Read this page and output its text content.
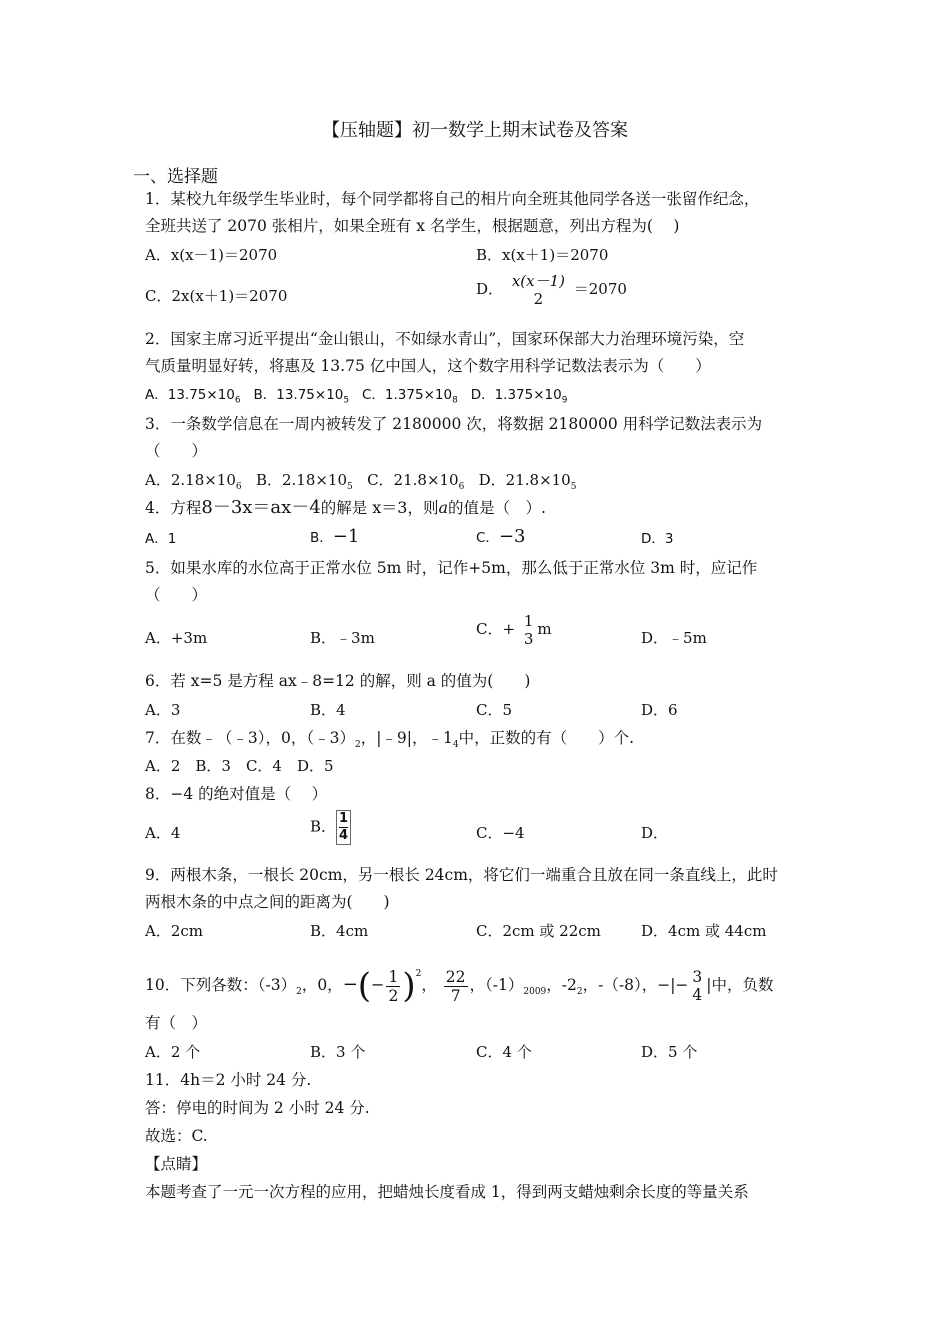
【压轴题】初一数学上期末试卷及答案
一、选择题
1．某校九年级学生毕业时，每个同学都将自己的相片向全班其他同学各送一张留作纪念，
全班共送了 2070 张相片，如果全班有 x 名学生，根据题意，列出方程为(　 )
A．x(x－1)＝2070	B．x(x＋1)＝2070
C．2x(x＋1)＝2070	D． x(x－1)
2
＝2070
2．国家主席习近平提出“金山银山，不如绿水青山”，国家环保部大力治理环境污染，空
气质量明显好转，将惠及 13.75 亿中国人，这个数字用科学记数法表示为（　　）
A．$13.75\times 10_6$ B．$13.75\times 10_5$ C．$1.375\times 10_8$ D．$1.375\times 10_9$
3．一条数学信息在一周内被转发了 2180000 次，将数据 2180000 用科学记数法表示为
（　　）
A．$2.18\times 10_6$ B．$2.18\times 10_5$ C．$21.8\times 10_6$ D．$21.8\times 10_5$
4．方程8－3x＝ax－4的解是 x＝3，则a的值是（　）.
A．1	B．−1	C．−3	D．3
5．如果水库的水位高于正常水位 5m 时，记作+5m，那么低于正常水位 3m 时，应记作
（　　）
A．+3m	B．﹣3m	C．+ 1
3
m	D．﹣5m
6．若 x=5 是方程 ax﹣8=12 的解，则 a 的值为(　　)
A．3	B．4	C．5	D．6
7．在数﹣（﹣3），0，$(﹣3)_2$，|﹣9|，$﹣1_4$中，正数的有（　　）个.
A．2　B．3　C．4　D．5
8．−4 的绝对值是（　 ）
A．4	B． $\frac{1}{4}$	C．−4	D．
9．两根木条，一根长 20cm，另一根长 24cm，将它们一端重合且放在同一条直线上，此时
两根木条的中点之间的距离为(　　)
A．2cm	B．4cm	C．2cm 或 22cm	D．4cm 或 44cm
10．下列各数：$(-3)_2$，0，−(− $\frac{1}{2} )^2$， $\frac{22}{7}$ ，$(-1)_{2009}$，$-2_2$，-（-8），−|− 3
4
|中，负数
有（　）
A．2 个	B．3 个	C．4 个	D．5 个
11．4h＝2 小时 24 分.
答：停电的时间为 2 小时 24 分.
故选：C.
【点睛】
本题考查了一元一次方程的应用，把蜡烛长度看成 1，得到两支蜡烛剩余长度的等量关系
